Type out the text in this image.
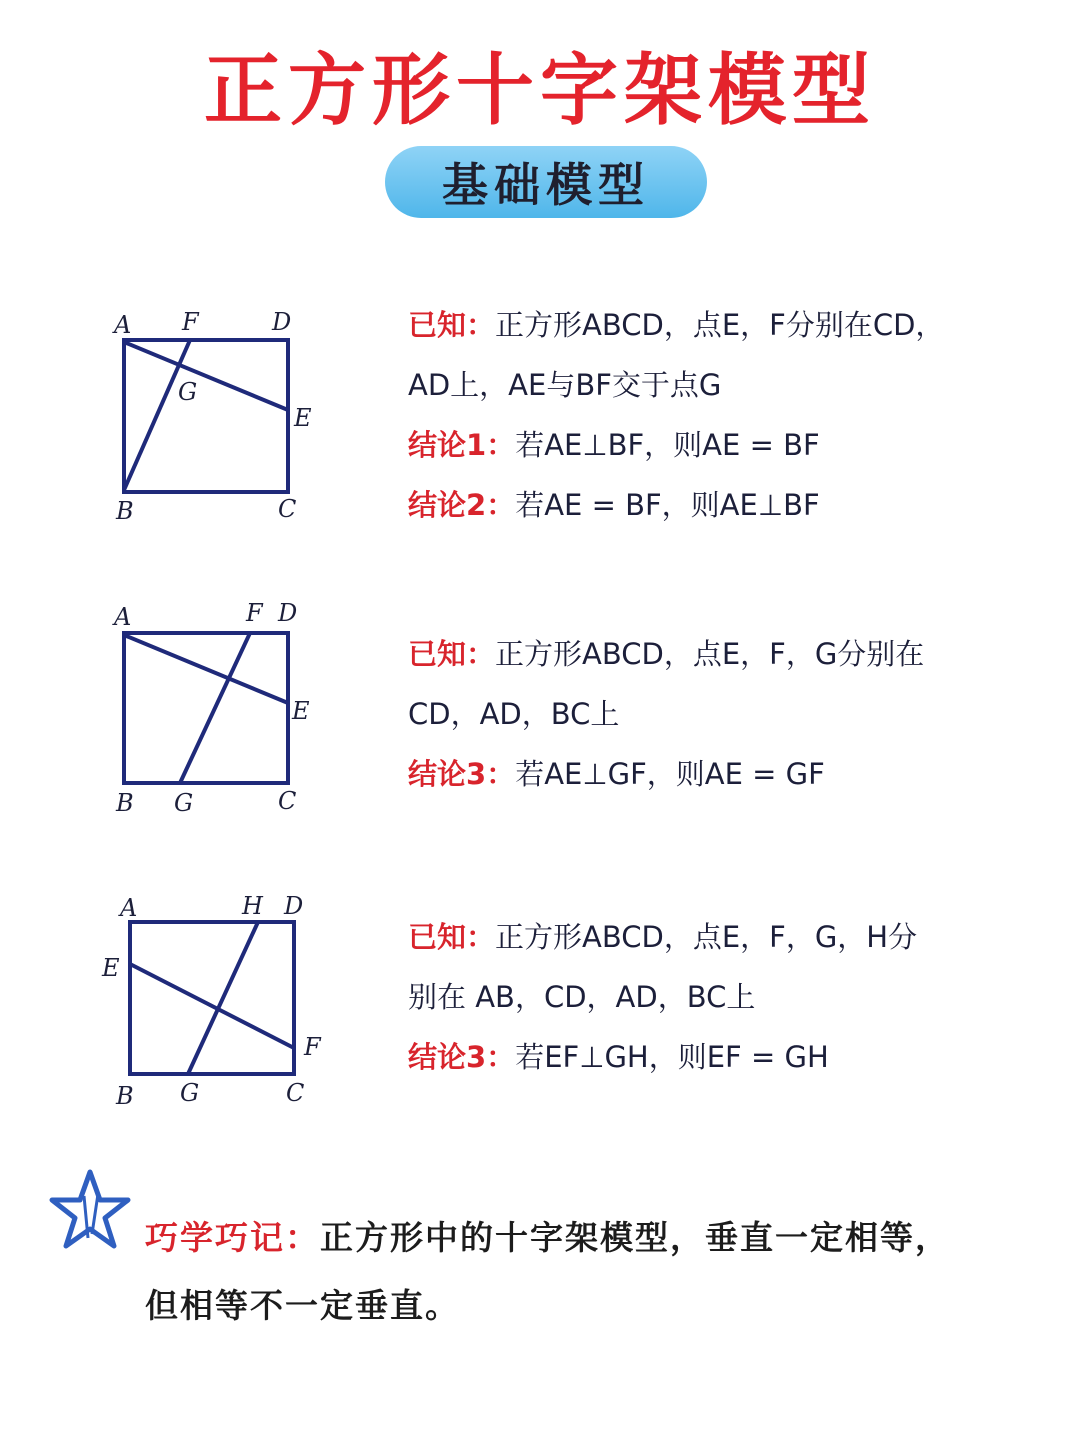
正方形十字架模型
基础模型
A F	D
G
E
B	C
A	F D
E
B G	C
A	H D
E
F
B G	C
已知：正方形ABCD，点E，F分别在CD，
AD上，AE与BF交于点G
结论1：若AE⊥BF，则AE = BF
结论2：若AE = BF，则AE⊥BF
已知：正方形ABCD，点E，F，G分别在
CD，AD，BC上
结论3：若AE⊥GF，则AE = GF
已知：正方形ABCD，点E，F，G，H分
别在 AB，CD，AD，BC上
结论3：若EF⊥GH，则EF = GH
巧学巧记：正方形中的十字架模型，垂直一定相等，
但相等不一定垂直。
